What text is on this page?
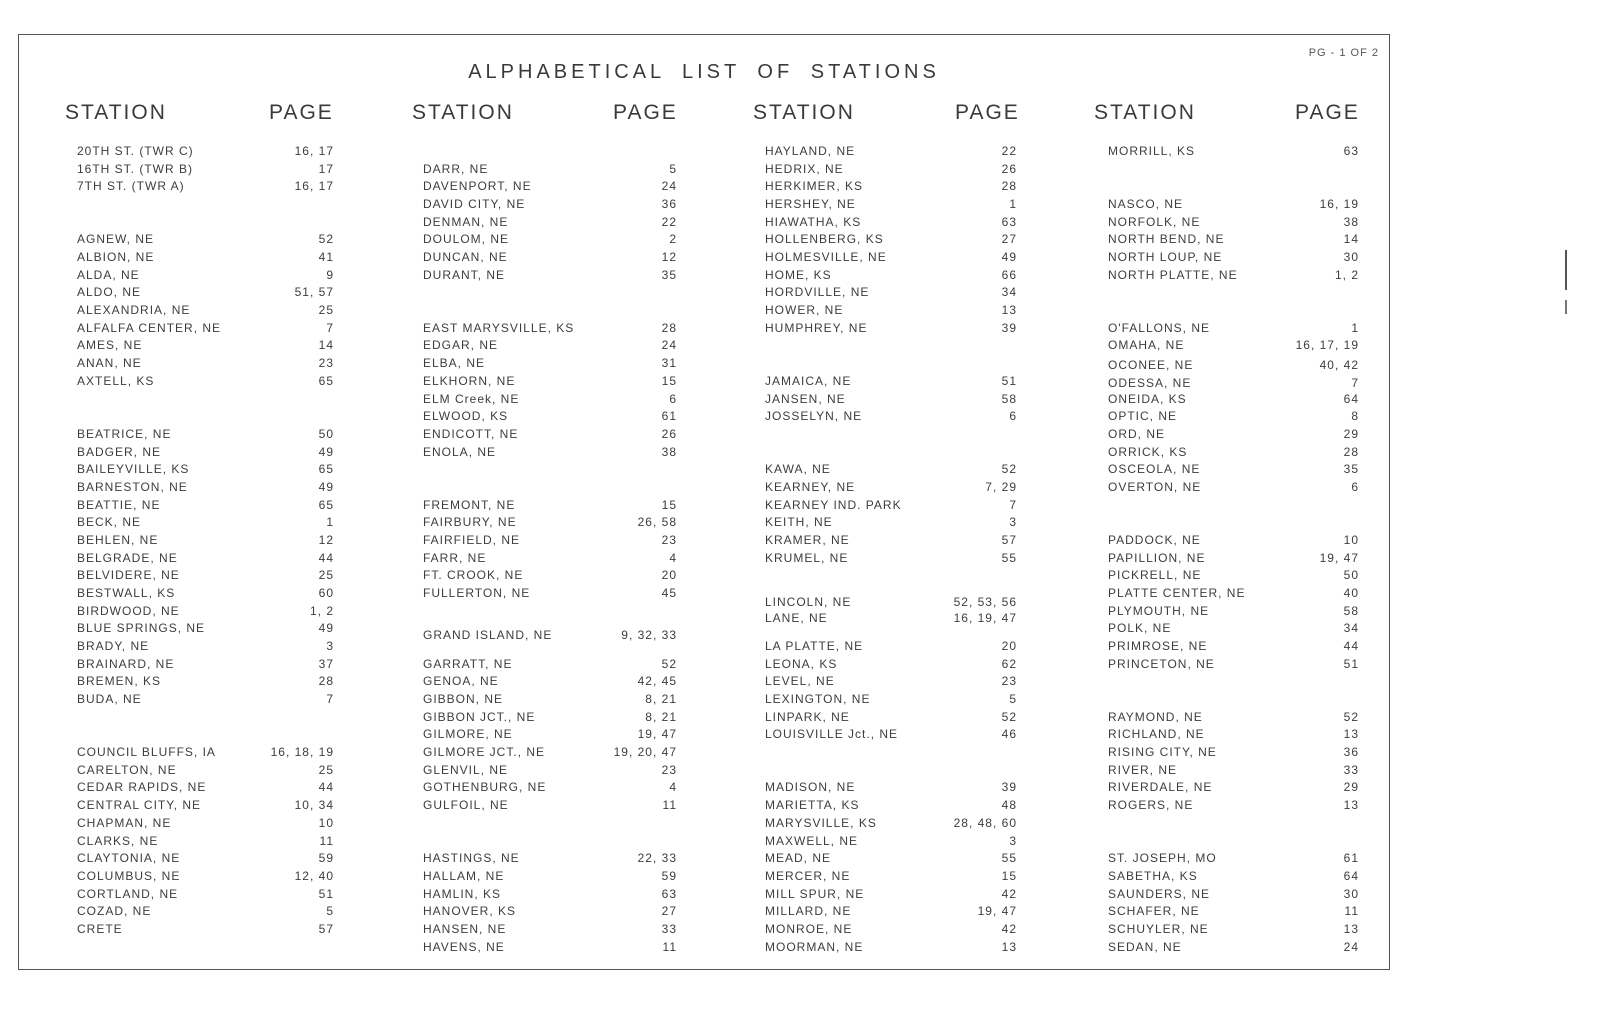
PG - 1 OF 2
ALPHABETICAL LIST OF STATIONS
STATION	PAGE	STATION	PAGE	STATION	PAGE	STATION	PAGE
20TH ST. (TWR C)	16, 17
16TH ST. (TWR B)	17
7TH ST. (TWR A)	16, 17
AGNEW, NE	52
ALBION, NE	41
ALDA, NE	9
ALDO, NE	51, 57
ALEXANDRIA, NE	25
ALFALFA CENTER, NE	7
AMES, NE	14
ANAN, NE	23
AXTELL, KS	65
BEATRICE, NE	50
BADGER, NE	49
BAILEYVILLE, KS	65
BARNESTON, NE	49
BEATTIE, NE	65
BECK, NE	1
BEHLEN, NE	12
BELGRADE, NE	44
BELVIDERE, NE	25
BESTWALL, KS	60
BIRDWOOD, NE	1, 2
BLUE SPRINGS, NE	49
BRADY, NE	3
BRAINARD, NE	37
BREMEN, KS	28
BUDA, NE	7
COUNCIL BLUFFS, IA	16, 18, 19
CARELTON, NE	25
CEDAR RAPIDS, NE	44
CENTRAL CITY, NE	10, 34
CHAPMAN, NE	10
CLARKS, NE	11
CLAYTONIA, NE	59
COLUMBUS, NE	12, 40
CORTLAND, NE	51
COZAD, NE	5
CRETE	57
DARR, NE	5
DAVENPORT, NE	24
DAVID CITY, NE	36
DENMAN, NE	22
DOULOM, NE	2
DUNCAN, NE	12
DURANT, NE	35
EAST MARYSVILLE, KS	28
EDGAR, NE	24
ELBA, NE	31
ELKHORN, NE	15
ELM Creek, NE	6
ELWOOD, KS	61
ENDICOTT, NE	26
ENOLA, NE	38
FREMONT, NE	15
FAIRBURY, NE	26, 58
FAIRFIELD, NE	23
FARR, NE	4
FT. CROOK, NE	20
FULLERTON, NE	45
GRAND ISLAND, NE	9, 32, 33
GARRATT, NE	52
GENOA, NE	42, 45
GIBBON, NE	8, 21
GIBBON JCT., NE	8, 21
GILMORE, NE	19, 47
GILMORE JCT., NE	19, 20, 47
GLENVIL, NE	23
GOTHENBURG, NE	4
GULFOIL, NE	11
HASTINGS, NE	22, 33
HALLAM, NE	59
HAMLIN, KS	63
HANOVER, KS	27
HANSEN, NE	33
HAVENS, NE	11
HAYLAND, NE	22
HEDRIX, NE	26
HERKIMER, KS	28
HERSHEY, NE	1
HIAWATHA, KS	63
HOLLENBERG, KS	27
HOLMESVILLE, NE	49
HOME, KS	66
HORDVILLE, NE	34
HOWER, NE	13
HUMPHREY, NE	39
JAMAICA, NE	51
JANSEN, NE	58
JOSSELYN, NE	6
KAWA, NE	52
KEARNEY, NE	7, 29
KEARNEY IND. PARK	7
KEITH, NE	3
KRAMER, NE	57
KRUMEL, NE	55
LINCOLN, NE	52, 53, 56
LANE, NE	16, 19, 47
LA PLATTE, NE	20
LEONA, KS	62
LEVEL, NE	23
LEXINGTON, NE	5
LINPARK, NE	52
LOUISVILLE Jct., NE	46
MADISON, NE	39
MARIETTA, KS	48
MARYSVILLE, KS	28, 48, 60
MAXWELL, NE	3
MEAD, NE	55
MERCER, NE	15
MILL SPUR, NE	42
MILLARD, NE	19, 47
MONROE, NE	42
MOORMAN, NE	13
MORRILL, KS	63
NASCO, NE	16, 19
NORFOLK, NE	38
NORTH BEND, NE	14
NORTH LOUP, NE	30
NORTH PLATTE, NE	1, 2
O'FALLONS, NE	1
OMAHA, NE	16, 17, 19
OCONEE, NE	40, 42
ODESSA, NE	7
ONEIDA, KS	64
OPTIC, NE	8
ORD, NE	29
ORRICK, KS	28
OSCEOLA, NE	35
OVERTON, NE	6
PADDOCK, NE	10
PAPILLION, NE	19, 47
PICKRELL, NE	50
PLATTE CENTER, NE	40
PLYMOUTH, NE	58
POLK, NE	34
PRIMROSE, NE	44
PRINCETON, NE	51
RAYMOND, NE	52
RICHLAND, NE	13
RISING CITY, NE	36
RIVER, NE	33
RIVERDALE, NE	29
ROGERS, NE	13
ST. JOSEPH, MO	61
SABETHA, KS	64
SAUNDERS, NE	30
SCHAFER, NE	11
SCHUYLER, NE	13
SEDAN, NE	24
